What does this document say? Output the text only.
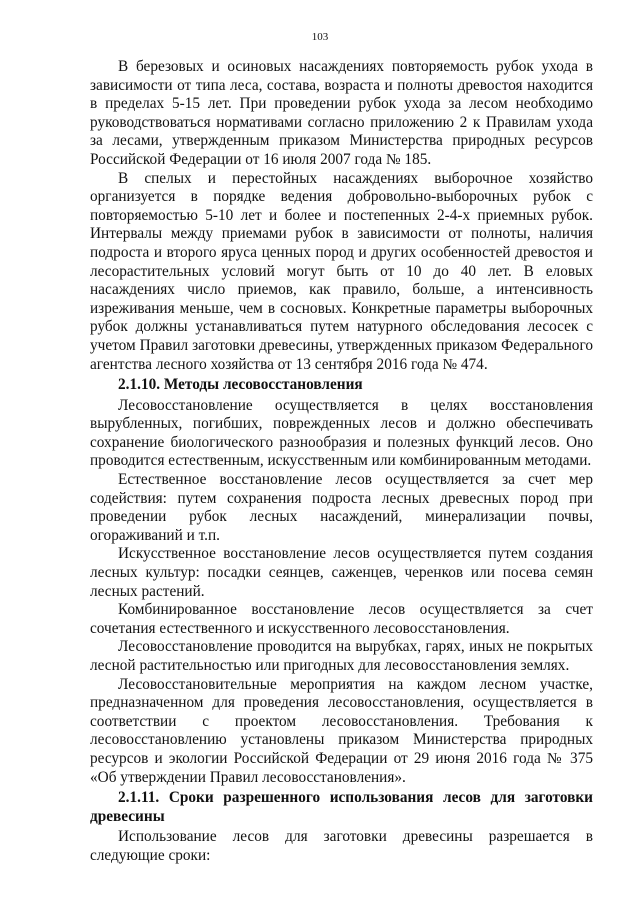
103

В березовых и осиновых насаждениях повторяемость рубок ухода в зависимости от типа леса, состава, возраста и полноты древостоя находится в пределах 5-15 лет. При проведении рубок ухода за лесом необходимо руководствоваться нормативами согласно приложению 2 к Правилам ухода за лесами, утвержденным приказом Министерства природных ресурсов Российской Федерации от 16 июля 2007 года № 185.

В спелых и перестойных насаждениях выборочное хозяйство организуется в порядке ведения добровольно-выборочных рубок с повторяемостью 5-10 лет и более и постепенных 2-4-х приемных рубок. Интервалы между приемами рубок в зависимости от полноты, наличия подроста и второго яруса ценных пород и других особенностей древостоя и лесорастительных условий могут быть от 10 до 40 лет. В еловых насаждениях число приемов, как правило, больше, а интенсивность изреживания меньше, чем в сосновых. Конкретные параметры выборочных рубок должны устанавливаться путем натурного обследования лесосек с учетом Правил заготовки древесины, утвержденных приказом Федерального агентства лесного хозяйства от 13 сентября 2016 года № 474.

2.1.10. Методы лесовосстановления

Лесовосстановление осуществляется в целях восстановления вырубленных, погибших, поврежденных лесов и должно обеспечивать сохранение биологического разнообразия и полезных функций лесов. Оно проводится естественным, искусственным или комбинированным методами.

Естественное восстановление лесов осуществляется за счет мер содействия: путем сохранения подроста лесных древесных пород при проведении рубок лесных насаждений, минерализации почвы, огораживаний и т.п.

Искусственное восстановление лесов осуществляется путем создания лесных культур: посадки сеянцев, саженцев, черенков или посева семян лесных растений.

Комбинированное восстановление лесов осуществляется за счет сочетания естественного и искусственного лесовосстановления.

Лесовосстановление проводится на вырубках, гарях, иных не покрытых лесной растительностью или пригодных для лесовосстановления землях.

Лесовосстановительные мероприятия на каждом лесном участке, предназначенном для проведения лесовосстановления, осуществляется в соответствии с проектом лесовосстановления. Требования к лесовосстановлению установлены приказом Министерства природных ресурсов и экологии Российской Федерации от 29 июня 2016 года № 375 «Об утверждении Правил лесовосстановления».

2.1.11. Сроки разрешенного использования лесов для заготовки древесины

Использование лесов для заготовки древесины разрешается в следующие сроки:
